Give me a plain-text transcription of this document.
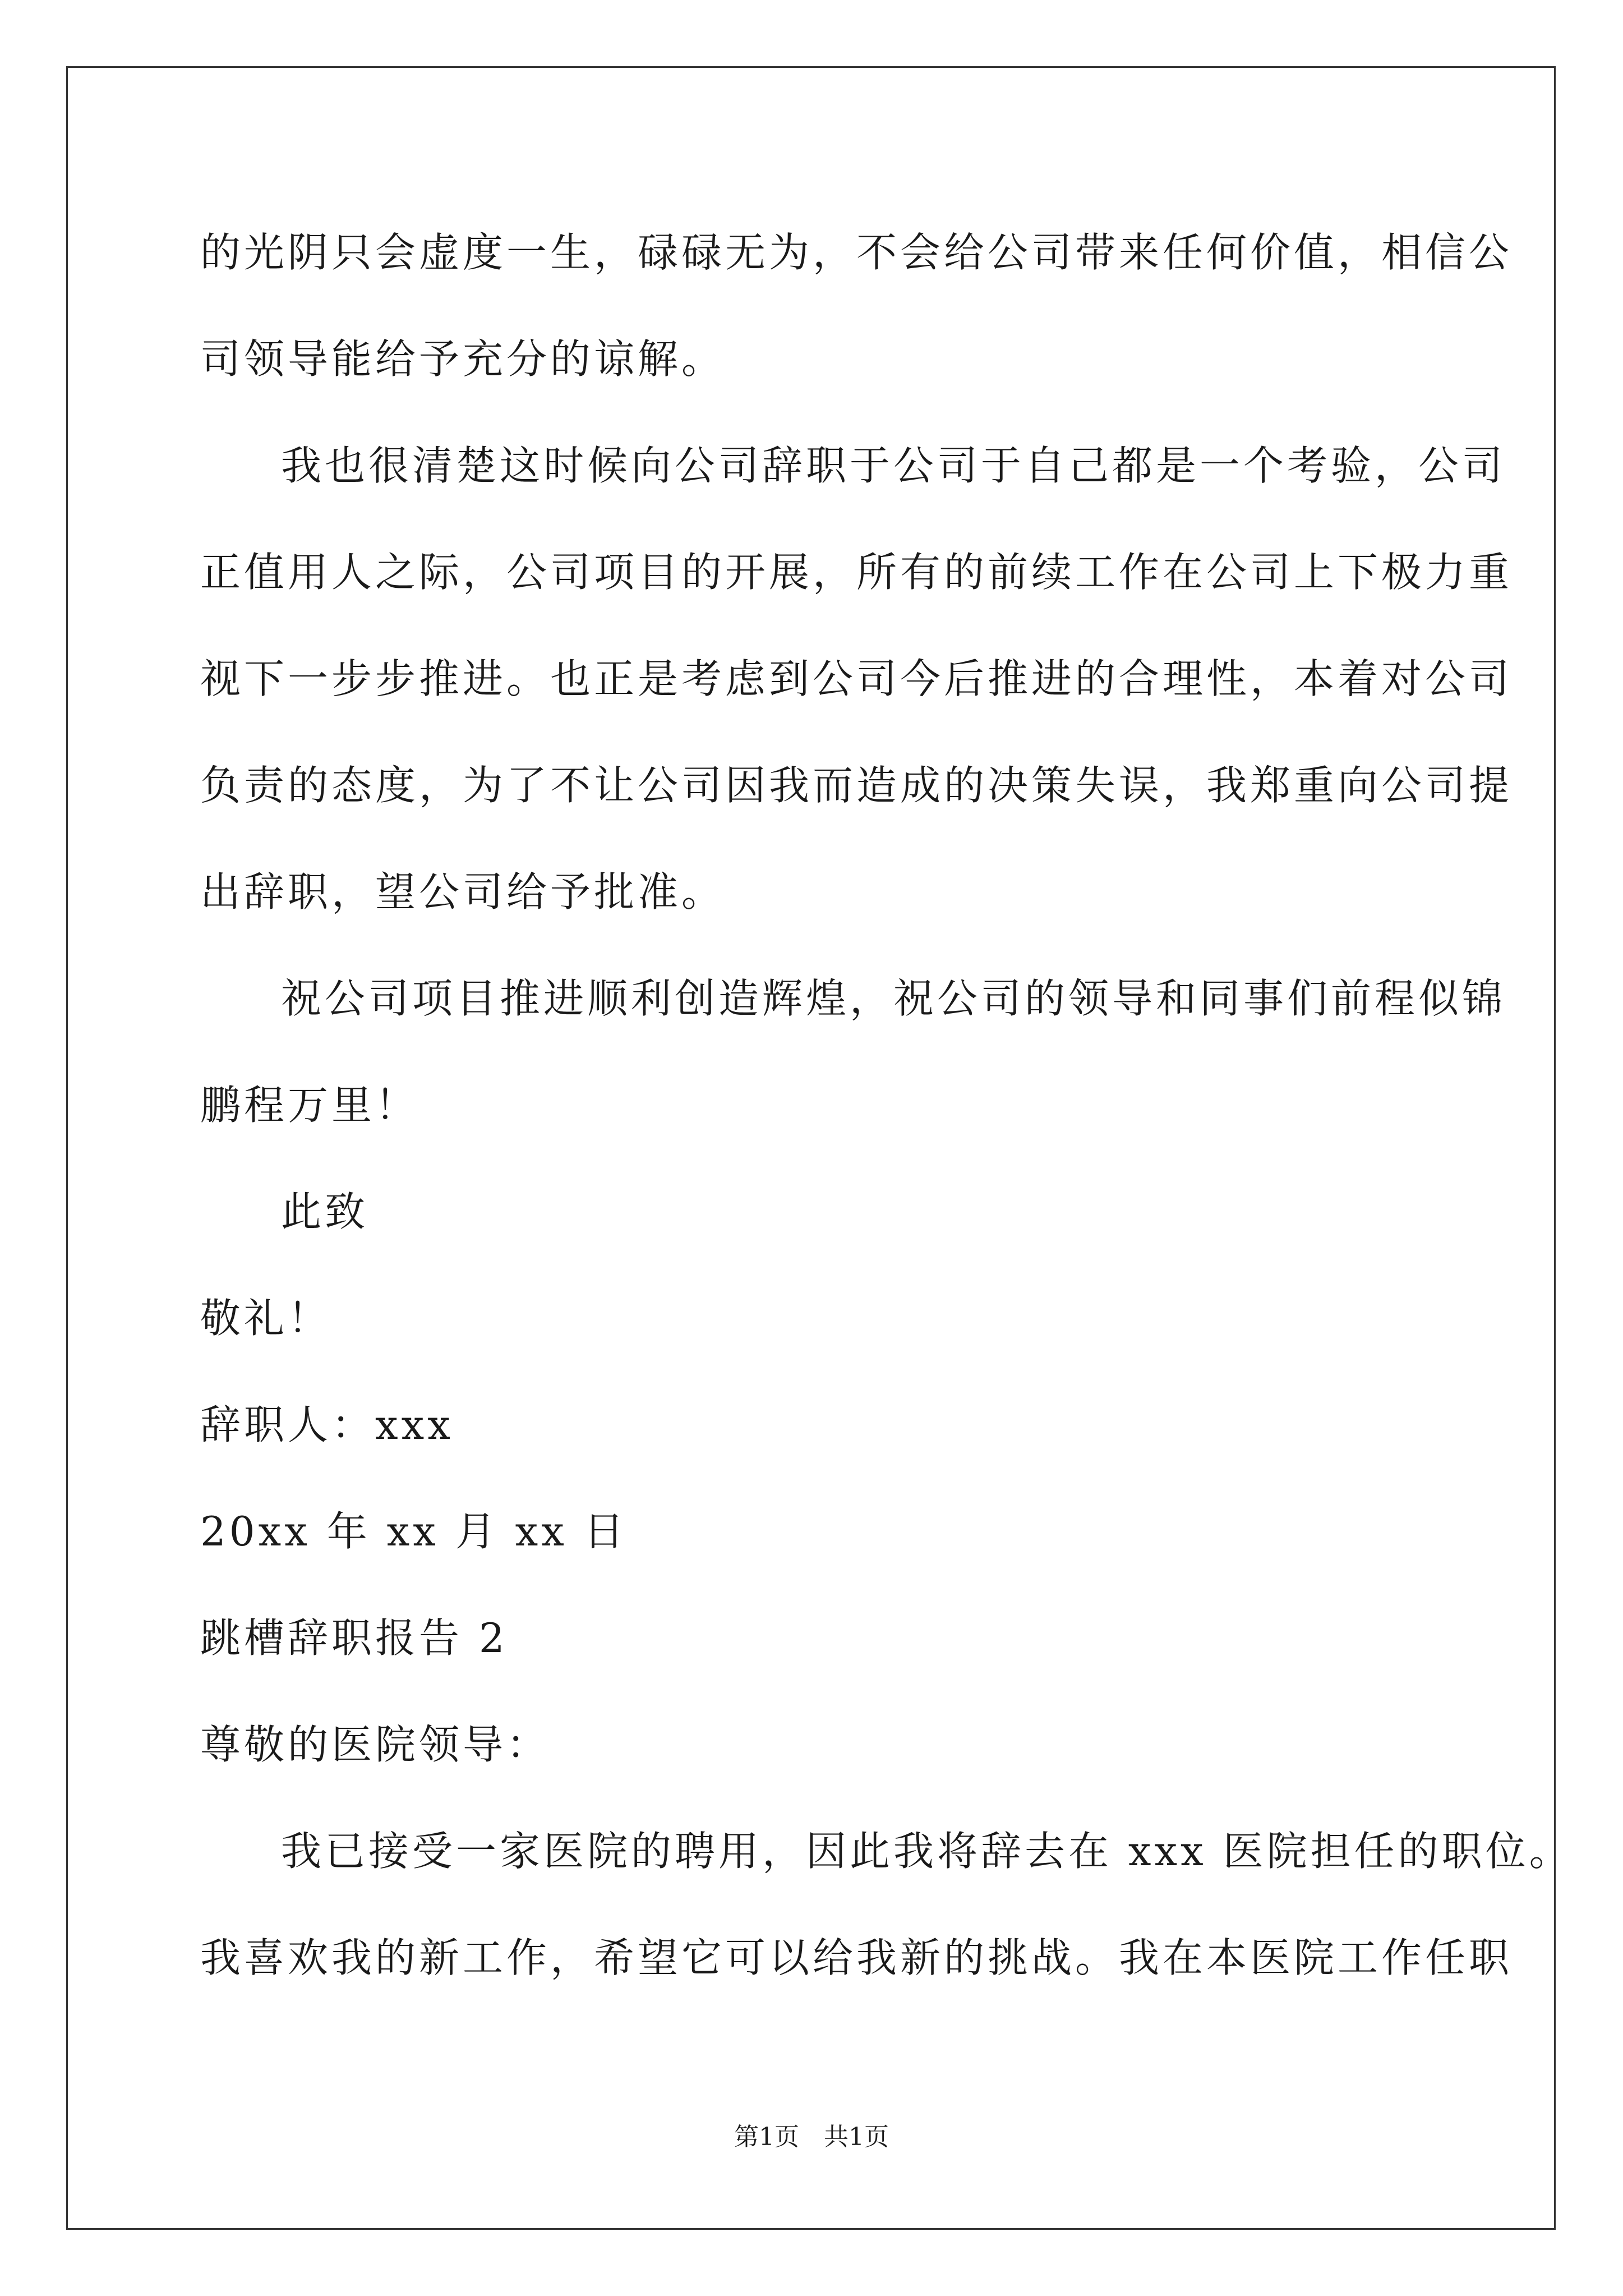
的光阴只会虚度一生，碌碌无为，不会给公司带来任何价值，相信公
司领导能给予充分的谅解。
我也很清楚这时候向公司辞职于公司于自己都是一个考验，公司
正值用人之际，公司项目的开展，所有的前续工作在公司上下极力重
视下一步步推进。也正是考虑到公司今后推进的合理性，本着对公司
负责的态度，为了不让公司因我而造成的决策失误，我郑重向公司提
出辞职，望公司给予批准。
祝公司项目推进顺利创造辉煌，祝公司的领导和同事们前程似锦
鹏程万里！
此致
敬礼！
辞职人：xxx
20xx 年 xx 月 xx 日
跳槽辞职报告 2
尊敬的医院领导：
我已接受一家医院的聘用，因此我将辞去在 xxx 医院担任的职位。
我喜欢我的新工作，希望它可以给我新的挑战。我在本医院工作任职
第1页　共1页
